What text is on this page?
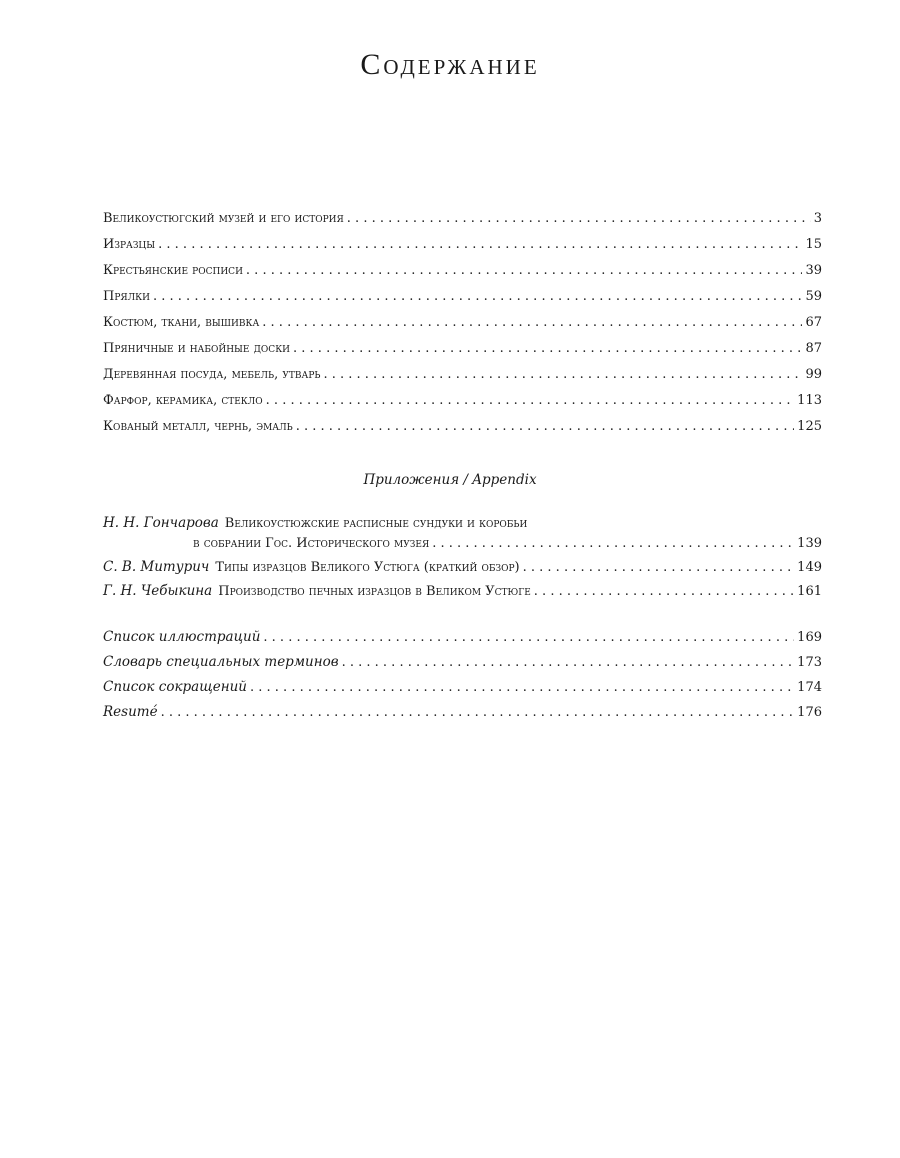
Содержание
Великоустюгский музей и его история . . .	3
Изразцы . . .	15
Крестьянские росписи . . .	39
Прялки . . .	59
Костюм, ткани, вышивка . . .	67
Пряничные и набойные доски . . .	87
Деревянная посуда, мебель, утварь . . .	99
Фарфор, керамика, стекло . . .	113
Кованый металл, чернь, эмаль . . .	125
Приложения / Appendix
Н. Н. Гончарова Великоустюжские расписные сундуки и коробьи
в собрании Гос. Исторического музея . . .	139
С. В. Митурич Типы изразцов Великого Устюга (краткий обзор) . . .	149
Г. Н. Чебыкина Производство печных изразцов в Великом Устюге . . .	161
Список иллюстраций . . .	169
Словарь специальных терминов . . .	173
Список сокращений . . .	174
Resumé . . .	176
